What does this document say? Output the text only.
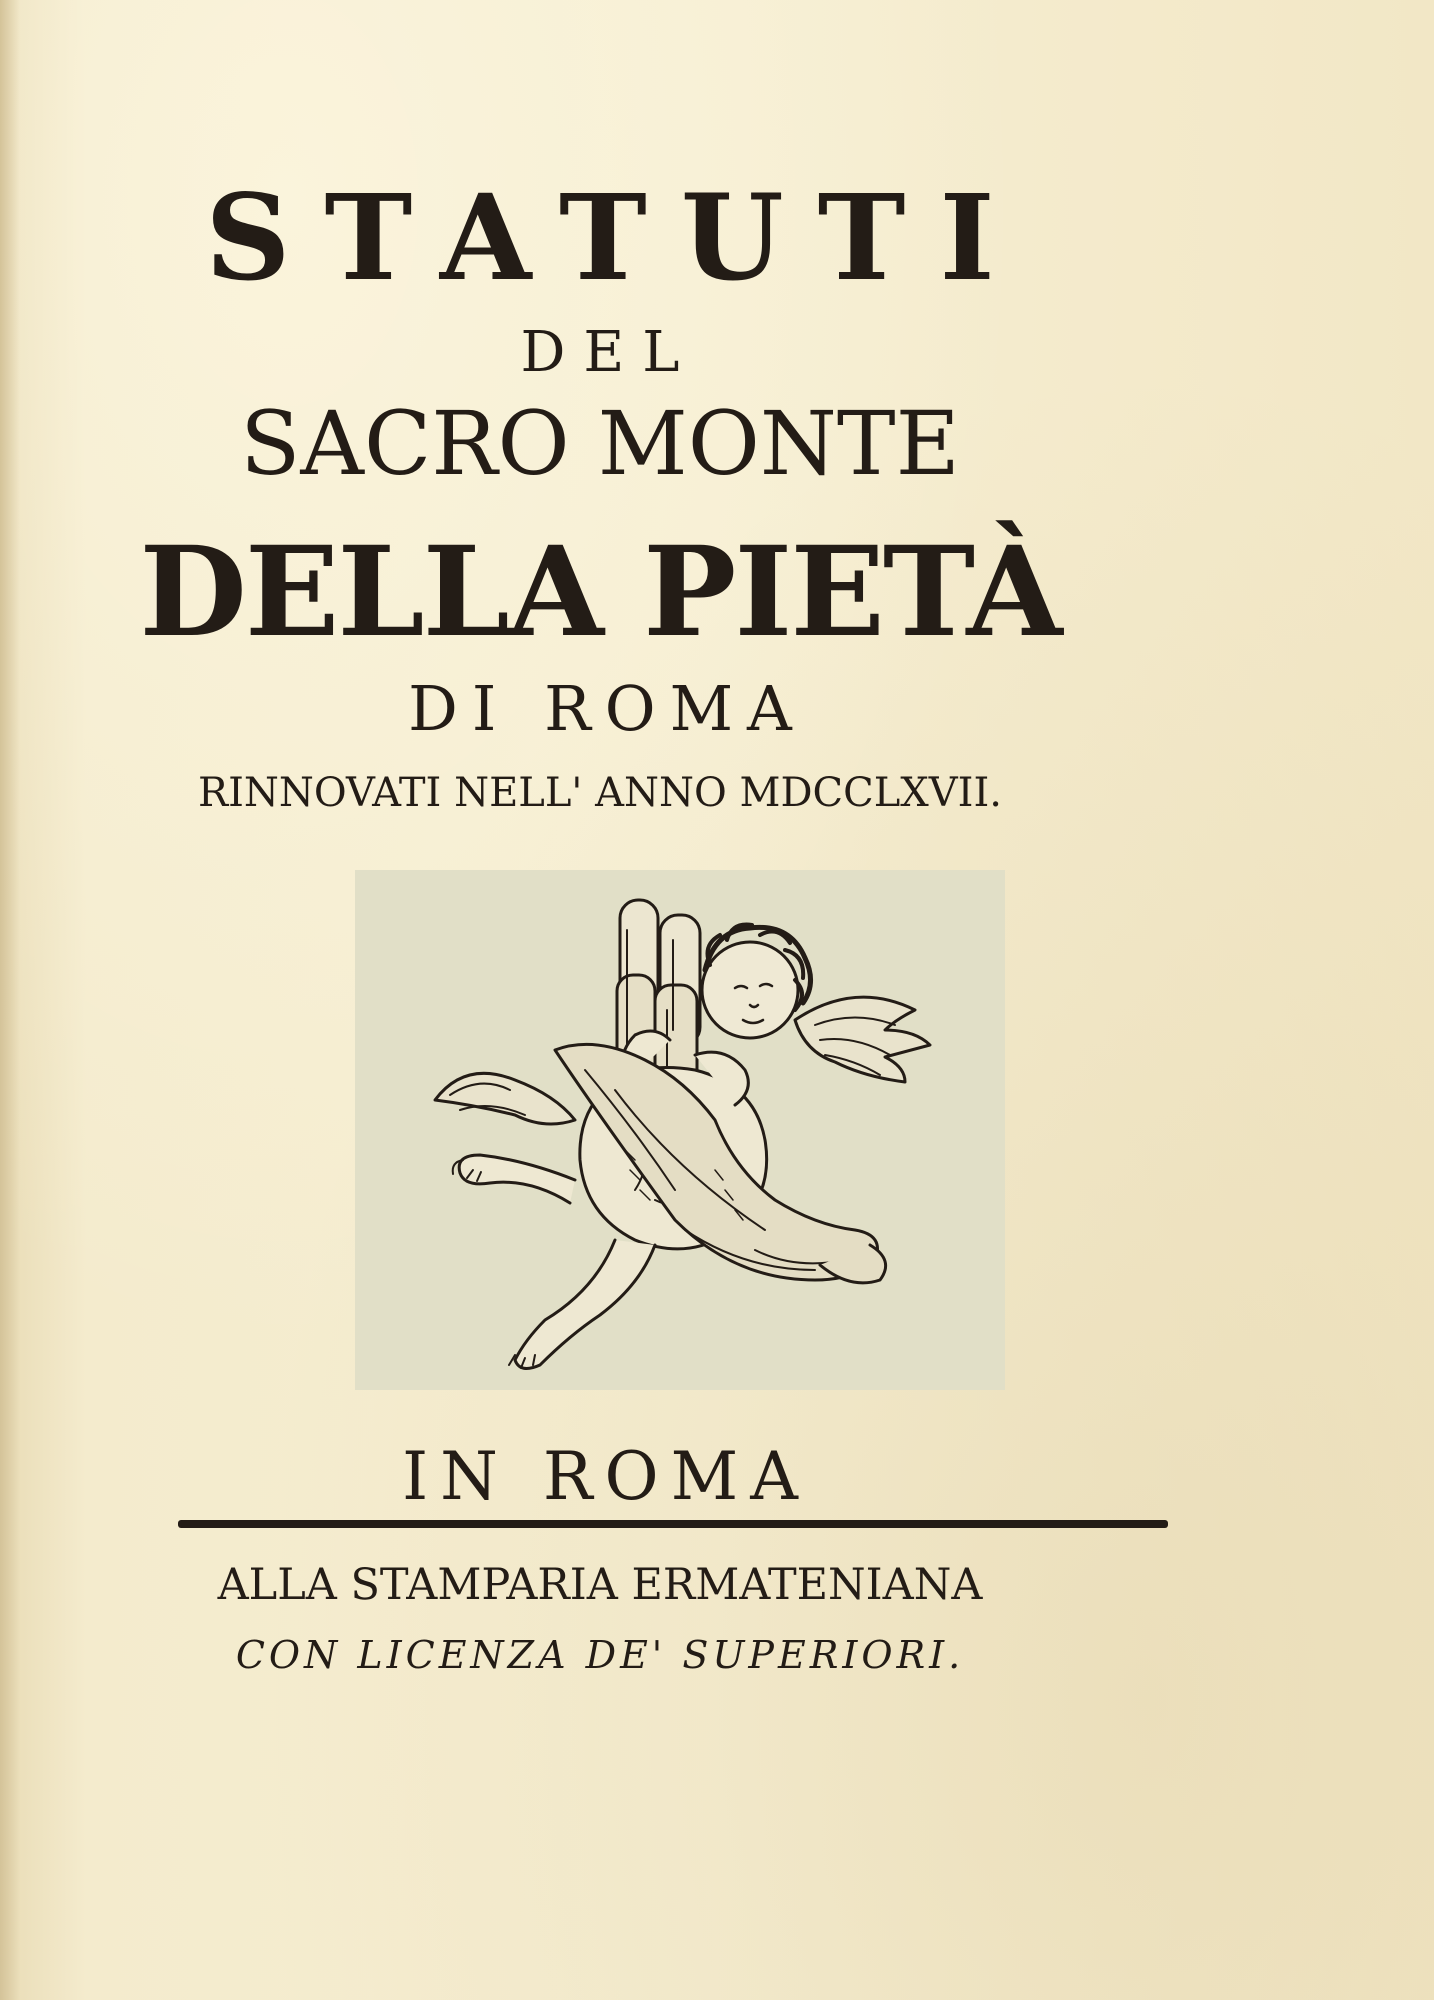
STATUTI
DEL
SACRO MONTE
DELLA PIETÀ
DI ROMA
RINNOVATI NELL' ANNO MDCCLXVII.
IN ROMA
ALLA STAMPARIA ERMATENIANA
CON LICENZA DE' SUPERIORI.
